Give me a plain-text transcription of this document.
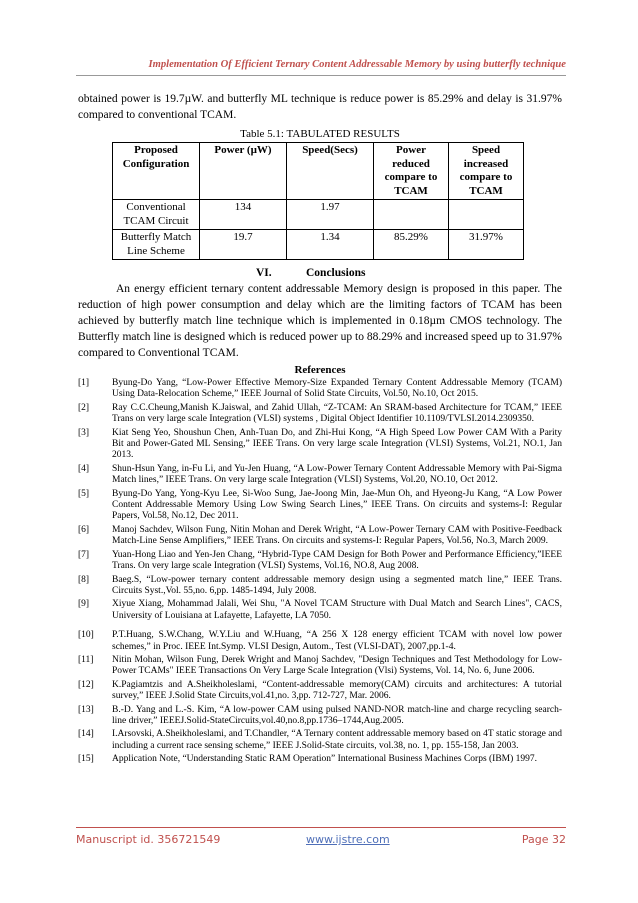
Implementation Of Efficient Ternary Content Addressable Memory by using butterfly technique
obtained power is 19.7µW. and butterfly ML technique is reduce power is 85.29% and delay is 31.97% compared to conventional TCAM.
Table 5.1: TABULATED RESULTS
Proposed Configuration	Power (µW)	Speed(Secs)	Power reduced compare to TCAM	Speed increased compare to TCAM
Conventional TCAM Circuit	134	1.97		
Butterfly Match Line Scheme	19.7	1.34	85.29%	31.97%
VI.	Conclusions
An energy efficient ternary content addressable Memory design is proposed in this paper. The reduction of high power consumption and delay which are the limiting factors of TCAM has been achieved by butterfly match line technique which is implemented in 0.18µm CMOS technology. The Butterfly match line is designed which is reduced power up to 88.29% and increased speed up to 31.97% compared to Conventional TCAM.
References
[1]	Byung-Do Yang, “Low-Power Effective Memory-Size Expanded Ternary Content Addressable Memory (TCAM) Using Data-Relocation Scheme,” IEEE Journal of Solid State Circuits, Vol.50, No.10, Oct 2015.
[2]	Ray C.C.Cheung,Manish K.Jaiswal, and Zahid Ullah, “Z-TCAM: An SRAM-based Architecture for TCAM,” IEEE Trans on very large scale Integration (VLSI) systems , Digital Object Identifier 10.1109/TVLSI.2014.2309350.
[3]	Kiat Seng Yeo, Shoushun Chen, Anh-Tuan Do, and Zhi-Hui Kong, “A High Speed Low Power CAM With a Parity Bit and Power-Gated ML Sensing,” IEEE Trans. On very large scale Integration (VLSI) Systems, Vol.21, NO.1, Jan 2013.
[4]	Shun-Hsun Yang, in-Fu Li, and Yu-Jen Huang, “A Low-Power Ternary Content Addressable Memory with Pai-Sigma Match lines,” IEEE Trans. On very large scale Integration (VLSI) Systems, Vol.20, NO.10, Oct 2012.
[5]	Byung-Do Yang, Yong-Kyu Lee, Si-Woo Sung, Jae-Joong Min, Jae-Mun Oh, and Hyeong-Ju Kang, “A Low Power Content Addressable Memory Using Low Swing Search Lines,” IEEE Trans. On circuits and systems-I: Regular Papers, Vol.58, No.12, Dec 2011.
[6]	Manoj Sachdev, Wilson Fung, Nitin Mohan and Derek Wright, “A Low-Power Ternary CAM with Positive-Feedback Match-Line Sense Amplifiers,” IEEE Trans. On circuits and systems-I: Regular Papers, Vol.56, No.3, March 2009.
[7]	Yuan-Hong Liao and Yen-Jen Chang, “Hybrid-Type CAM Design for Both Power and Performance Efficiency,”IEEE Trans. On very large scale Integration (VLSI) Systems, Vol.16, NO.8, Aug 2008.
[8]	Baeg.S, “Low-power ternary content addressable memory design using a segmented match line,” IEEE Trans. Circuits Syst.,Vol. 55,no. 6,pp. 1485-1494, July 2008.
[9]	Xiyue Xiang, Mohammad Jalali, Wei Shu, "A Novel TCAM Structure with Dual Match and Search Lines", CACS, University of Louisiana at Lafayette, Lafayette, LA 7050.
[10]	P.T.Huang, S.W.Chang, W.Y.Liu and W.Huang, “A 256 X 128 energy efficient TCAM with novel low power schemes,” in Proc. IEEE Int.Symp. VLSI Design, Autom., Test (VLSI-DAT), 2007,pp.1-4.
[11]	Nitin Mohan, Wilson Fung, Derek Wright and Manoj Sachdev, "Design Techniques and Test Methodology for Low-Power TCAMs" IEEE Transactions On Very Large Scale Integration (Vlsi) Systems, Vol. 14, No. 6, June 2006.
[12]	K.Pagiamtzis and A.Sheikholeslami, “Content-addressable memory(CAM) circuits and architectures: A tutorial survey,” IEEE J.Solid State Circuits,vol.41,no. 3,pp. 712-727, Mar. 2006.
[13]	B.-D. Yang and L.-S. Kim, “A low-power CAM using pulsed NAND-NOR match-line and charge recycling search-line driver,” IEEEJ.Solid-StateCircuits,vol.40,no.8,pp.1736–1744,Aug.2005.
[14]	I.Arsovski, A.Sheikholeslami, and T.Chandler, “A Ternary content addressable memory based on 4T static storage and including a current race sensing scheme,” IEEE J.Solid-State circuits, vol.38, no. 1, pp. 155-158, Jan 2003.
[15]	Application Note, “Understanding Static RAM Operation” International Business Machines Corps (IBM) 1997.
Manuscript id. 356721549	www.ijstre.com	Page 32
